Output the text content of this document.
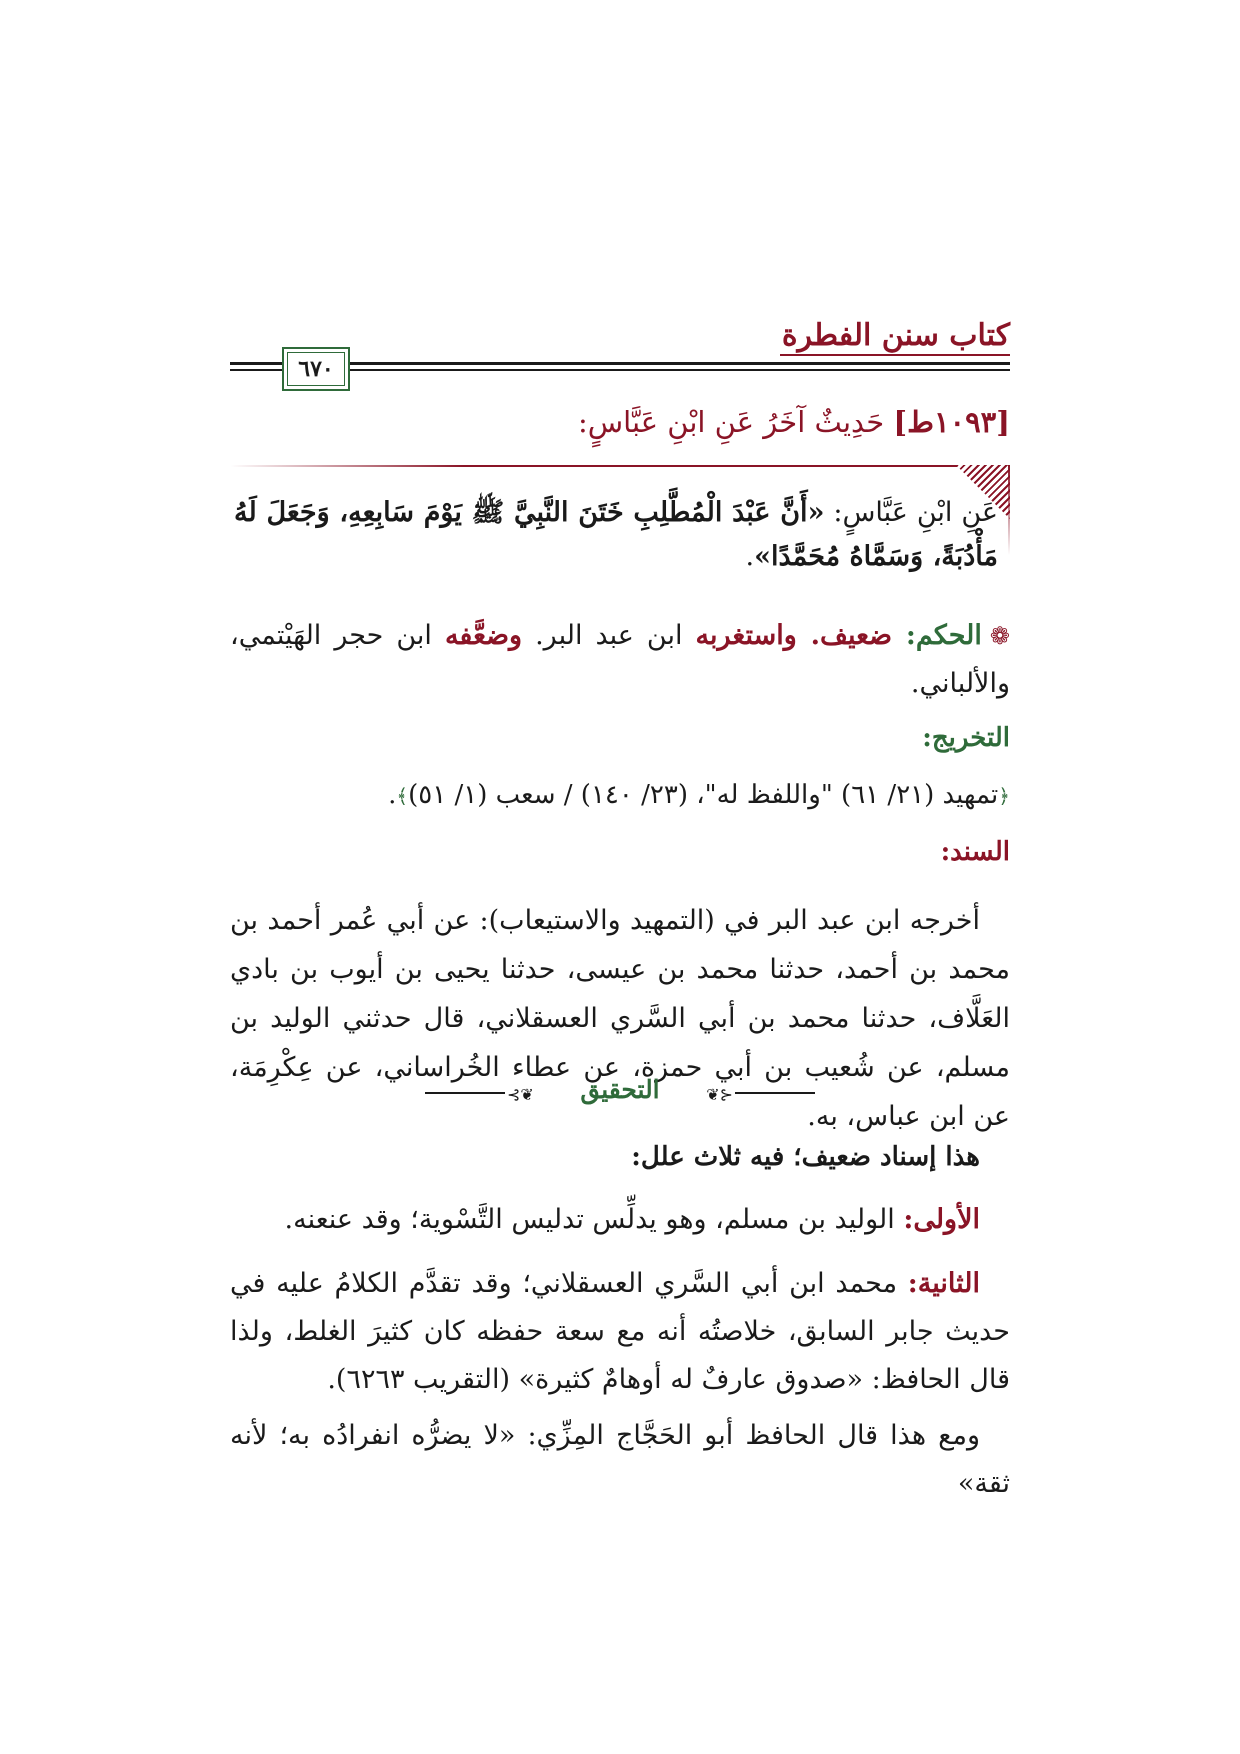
كتاب سنن الفطرة
٦٧٠
[١٠٩٣ط] حَدِيثٌ آخَرُ عَنِ ابْنِ عَبَّاسٍ:
عَنِ ابْنِ عَبَّاسٍ: «أَنَّ عَبْدَ الْمُطَّلِبِ خَتَنَ النَّبِيَّ ﷺ يَوْمَ سَابِعِهِ، وَجَعَلَ لَهُ مَأْدُبَةً، وَسَمَّاهُ مُحَمَّدًا».
❁الحكم: ضعيف. واستغربه ابن عبد البر. وضعَّفه ابن حجر الهَيْتمي، والألباني.
التخريج:
﴿تمهيد (٢١/ ٦١) "واللفظ له"، (٢٣/ ١٤٠) / سعب (١/ ٥١)﴾.
السند:
أخرجه ابن عبد البر في (التمهيد والاستيعاب): عن أبي عُمر أحمد بن محمد بن أحمد، حدثنا محمد بن عيسى، حدثنا يحيى بن أيوب بن بادي العَلَّاف، حدثنا محمد بن أبي السَّري العسقلاني، قال حدثني الوليد بن مسلم، عن شُعيب بن أبي حمزة، عن عطاء الخُراساني، عن عِكْرِمَة، عن ابن عباس، به.
⊰❦	التحقيق	❦⊱
هذا إسناد ضعيف؛ فيه ثلاث علل:
الأولى: الوليد بن مسلم، وهو يدلِّس تدليس التَّسْوية؛ وقد عنعنه.
الثانية: محمد ابن أبي السَّري العسقلاني؛ وقد تقدَّم الكلامُ عليه في حديث جابر السابق، خلاصتُه أنه مع سعة حفظه كان كثيرَ الغلط، ولذا قال الحافظ: «صدوق عارفٌ له أوهامٌ كثيرة» (التقريب ٦٢٦٣).
ومع هذا قال الحافظ أبو الحَجَّاج المِزِّي: «لا يضرُّه انفرادُه به؛ لأنه ثقة»
